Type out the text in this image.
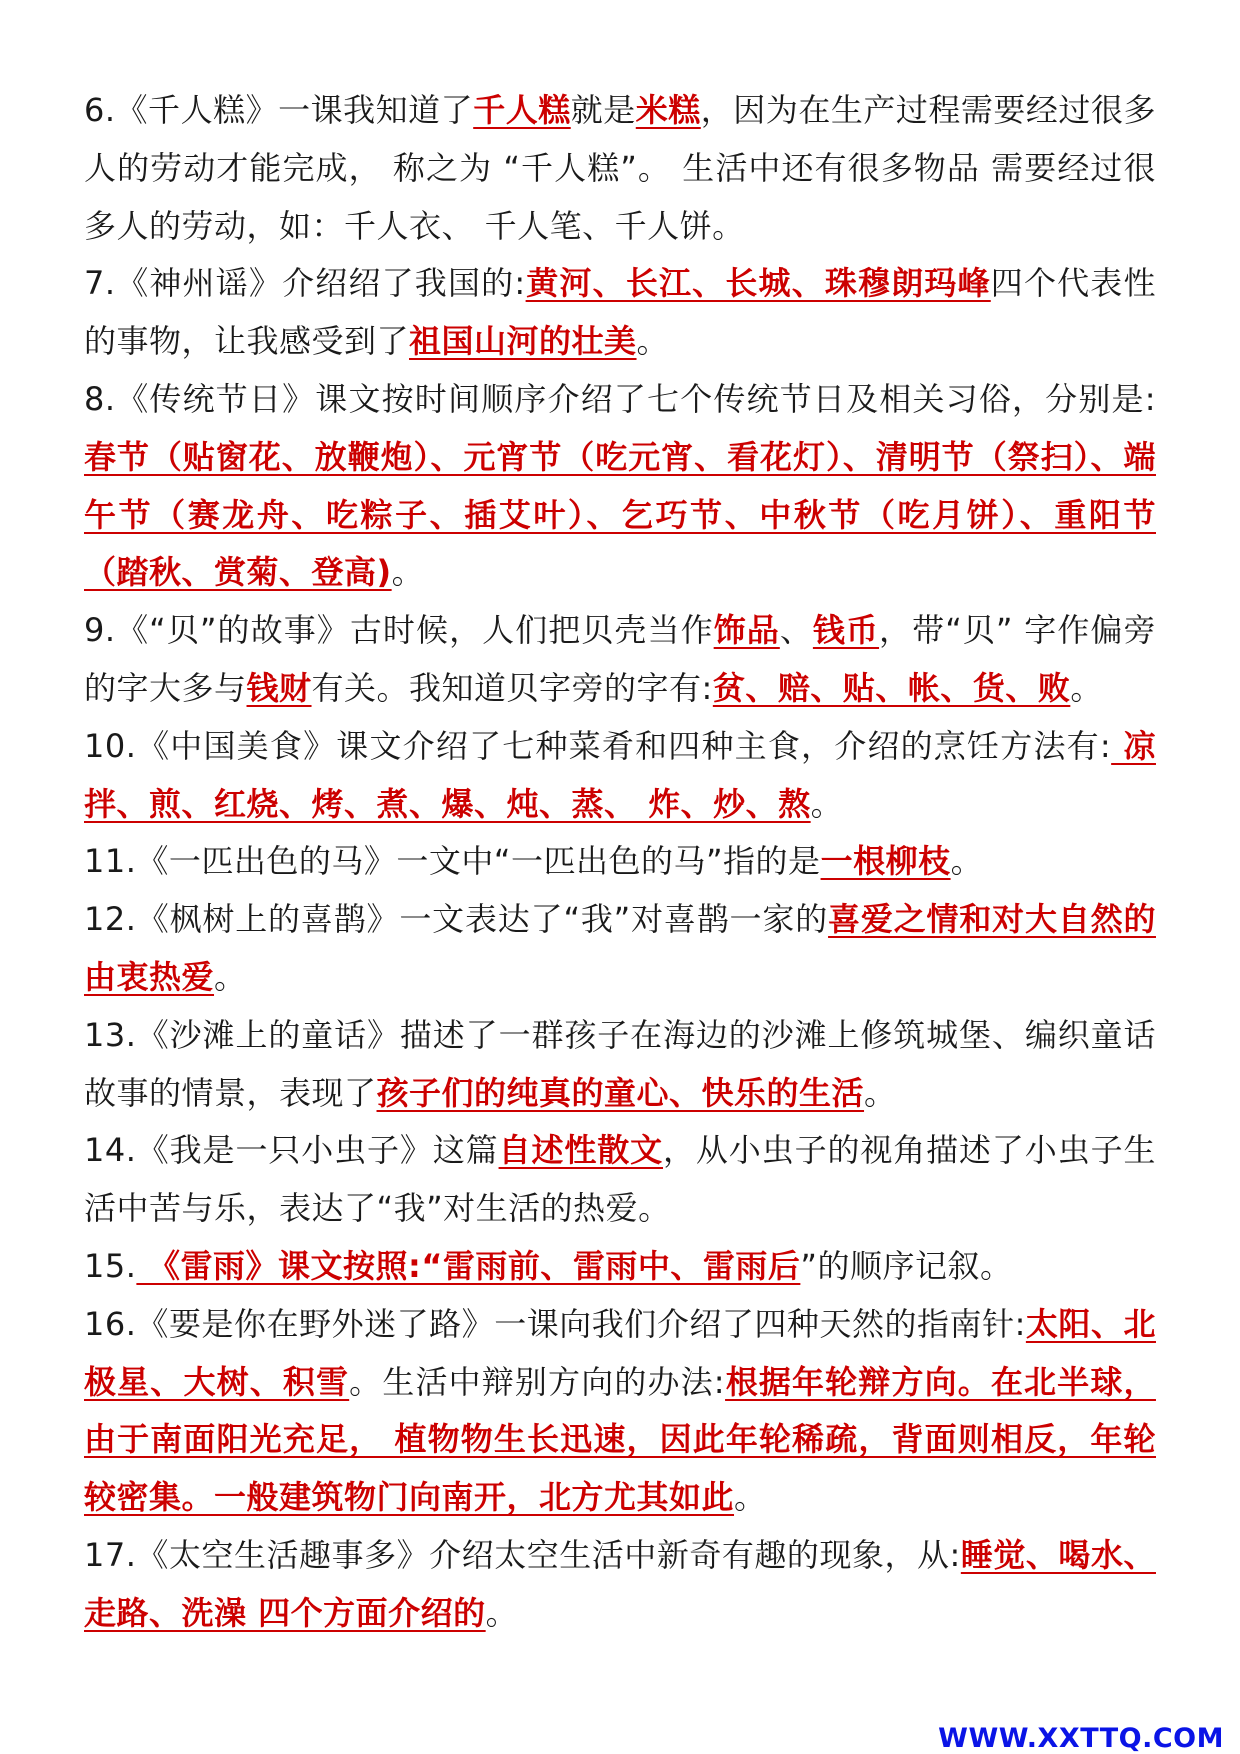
6.《千人糕》一课我知道了千人糕就是米糕，因为在生产过程需要经过很多人的劳动才能完成， 称之为 “千人糕”。 生活中还有很多物品 需要经过很多人的劳动，如：千人衣、 千人笔、千人饼。

7.《神州谣》介绍绍了我国的:黄河、长江、长城、珠穆朗玛峰四个代表性的事物，让我感受到了祖国山河的壮美。

8.《传统节日》课文按时间顺序介绍了七个传统节日及相关习俗，分别是:春节（贴窗花、放鞭炮）、元宵节（吃元宵、看花灯）、清明节（祭扫）、端午节（赛龙舟、吃粽子、插艾叶）、乞巧节、中秋节（吃月饼）、重阳节（踏秋、赏菊、登高)。

9.《“贝”的故事》古时候，人们把贝壳当作饰品、钱币，带“贝” 字作偏旁的字大多与钱财有关。我知道贝字旁的字有:贫、赔、贴、帐、货、败。

10.《中国美食》课文介绍了七种菜肴和四种主食，介绍的烹饪方法有: 凉拌、煎、红烧、烤、煮、爆、炖、蒸、 炸、炒、熬。

11.《一匹出色的马》一文中“一匹出色的马”指的是一根柳枝。

12.《枫树上的喜鹊》一文表达了“我”对喜鹊一家的喜爱之情和对大自然的由衷热爱。

13.《沙滩上的童话》描述了一群孩子在海边的沙滩上修筑城堡、编织童话故事的情景，表现了孩子们的纯真的童心、快乐的生活。

14.《我是一只小虫子》这篇自述性散文，从小虫子的视角描述了小虫子生活中苦与乐，表达了“我”对生活的热爱。

15. 《雷雨》课文按照:“雷雨前、雷雨中、雷雨后”的顺序记叙。

16.《要是你在野外迷了路》一课向我们介绍了四种天然的指南针:太阳、北极星、大树、积雪。生活中辩别方向的办法:根据年轮辩方向。在北半球，由于南面阳光充足， 植物物生长迅速，因此年轮稀疏，背面则相反，年轮较密集。一般建筑物门向南开，北方尤其如此。

17.《太空生活趣事多》介绍太空生活中新奇有趣的现象，从:睡觉、喝水、走路、洗澡 四个方面介绍的。

WWW.XXTTQ.COM
